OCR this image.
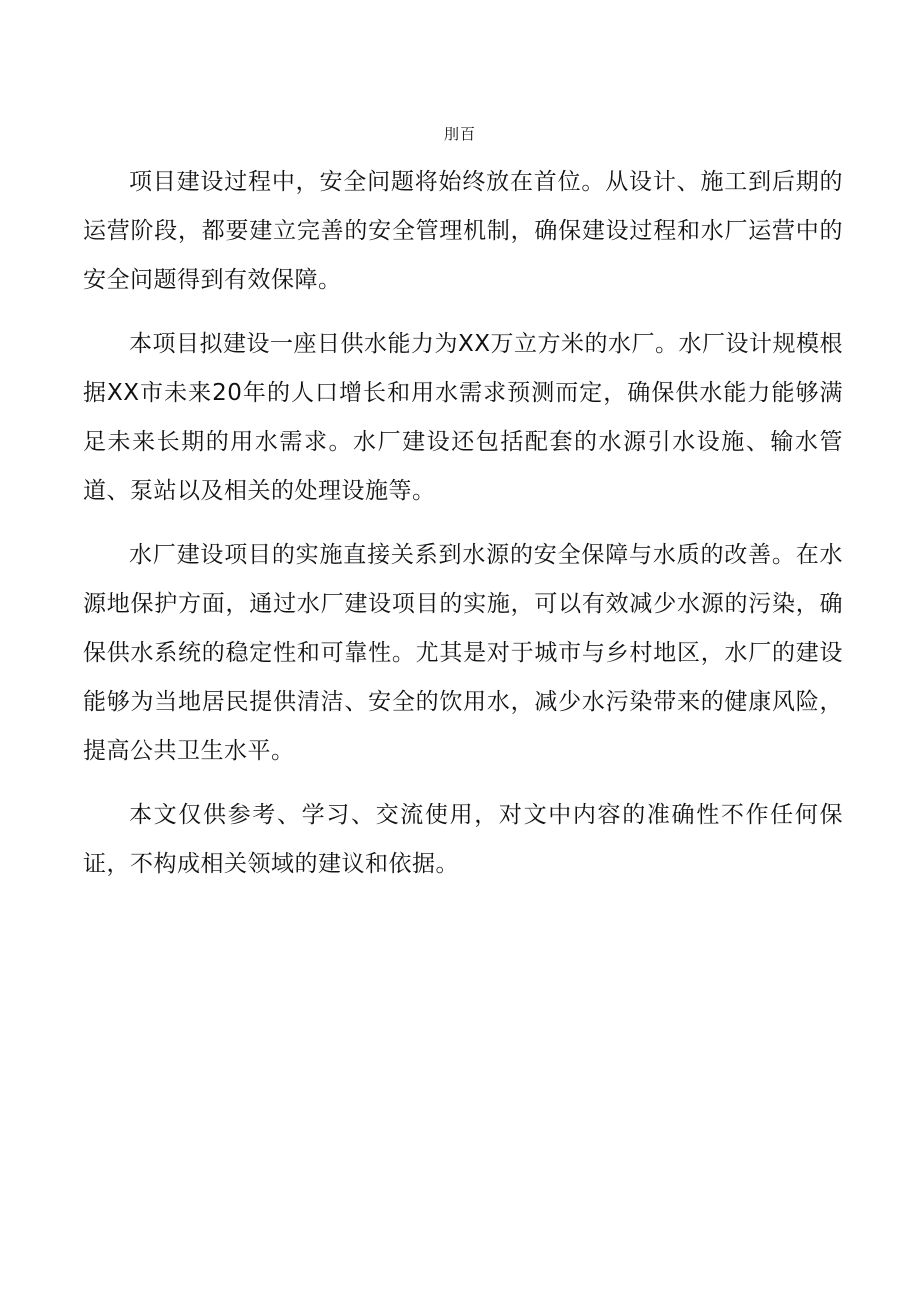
刖百

项目建设过程中，安全问题将始终放在首位。从设计、施工到后期的运营阶段，都要建立完善的安全管理机制，确保建设过程和水厂运营中的安全问题得到有效保障。

本项目拟建设一座日供水能力为XX万立方米的水厂。水厂设计规模根据XX市未来20年的人口增长和用水需求预测而定，确保供水能力能够满足未来长期的用水需求。水厂建设还包括配套的水源引水设施、输水管道、泵站以及相关的处理设施等。

水厂建设项目的实施直接关系到水源的安全保障与水质的改善。在水源地保护方面，通过水厂建设项目的实施，可以有效减少水源的污染，确保供水系统的稳定性和可靠性。尤其是对于城市与乡村地区，水厂的建设能够为当地居民提供清洁、安全的饮用水，减少水污染带来的健康风险，提高公共卫生水平。

本文仅供参考、学习、交流使用，对文中内容的准确性不作任何保证，不构成相关领域的建议和依据。
